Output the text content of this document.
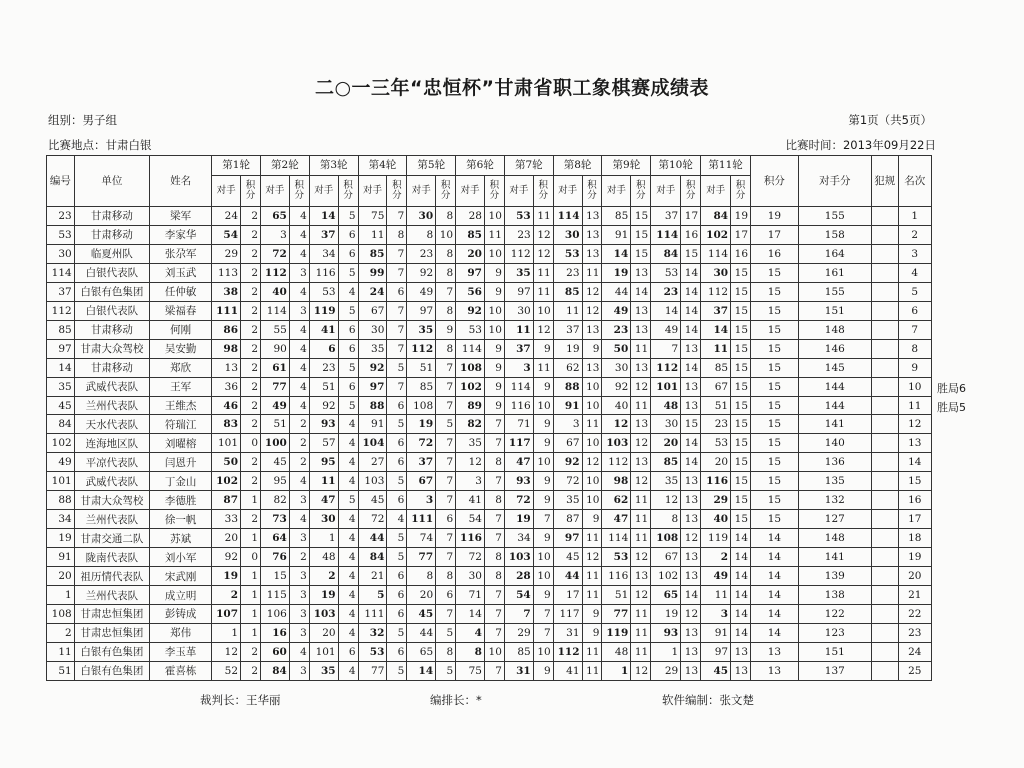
二○一三年“忠恒杯”甘肃省职工象棋赛成绩表
组别：男子组	第1页（共5页）
比赛地点：甘肃白银	比赛时间：2013年09月22日
编号	单位	姓名	第1轮		第2轮		第3轮		第4轮		第5轮		第6轮		第7轮		第8轮		第9轮		第10轮		第11轮		积分	对手分	犯规	名次
			对手	积分	对手	积分	对手	积分	对手	积分	对手	积分	对手	积分	对手	积分	对手	积分	对手	积分	对手	积分	对手	积分				
23	甘肃移动	梁军	24	2	65	4	14	5	75	7	30	8	28	10	53	11	114	13	85	15	37	17	84	19	19	155		1
53	甘肃移动	李家华	54	2	3	4	37	6	11	8	8	10	85	11	23	12	30	13	91	15	114	16	102	17	17	158		2
30	临夏州队	张尕军	29	2	72	4	34	6	85	7	23	8	20	10	112	12	53	13	14	15	84	15	114	16	16	164		3
114	白银代表队	刘玉武	113	2	112	3	116	5	99	7	92	8	97	9	35	11	23	11	19	13	53	14	30	15	15	161		4
37	白银有色集团	任仲敏	38	2	40	4	53	4	24	6	49	7	56	9	97	11	85	12	44	14	23	14	112	15	15	155		5
112	白银代表队	梁福春	111	2	114	3	119	5	67	7	97	8	92	10	30	10	11	12	49	13	14	14	37	15	15	151		6
85	甘肃移动	何刚	86	2	55	4	41	6	30	7	35	9	53	10	11	12	37	13	23	13	49	14	14	15	15	148		7
97	甘肃大众驾校	吴安勤	98	2	90	4	6	6	35	7	112	8	114	9	37	9	19	9	50	11	7	13	11	15	15	146		8
14	甘肃移动	郑欣	13	2	61	4	23	5	92	5	51	7	108	9	3	11	62	13	30	13	112	14	85	15	15	145		9
35	武威代表队	王军	36	2	77	4	51	6	97	7	85	7	102	9	114	9	88	10	92	12	101	13	67	15	15	144		10
45	兰州代表队	王维杰	46	2	49	4	92	5	88	6	108	7	89	9	116	10	91	10	40	11	48	13	51	15	15	144		11
84	天水代表队	符瑞江	83	2	51	2	93	4	91	5	19	5	82	7	71	9	3	11	12	13	30	15	23	15	15	141		12
102	连海地区队	刘曜榕	101	0	100	2	57	4	104	6	72	7	35	7	117	9	67	10	103	12	20	14	53	15	15	140		13
49	平凉代表队	闫恩升	50	2	45	2	95	4	27	6	37	7	12	8	47	10	92	12	112	13	85	14	20	15	15	136		14
101	武威代表队	丁金山	102	2	95	4	11	4	103	5	67	7	3	7	93	9	72	10	98	12	35	13	116	15	15	135		15
88	甘肃大众驾校	李德胜	87	1	82	3	47	5	45	6	3	7	41	8	72	9	35	10	62	11	12	13	29	15	15	132		16
34	兰州代表队	徐一帆	33	2	73	4	30	4	72	4	111	6	54	7	19	7	87	9	47	11	8	13	40	15	15	127		17
19	甘肃交通二队	苏斌	20	1	64	3	1	4	44	5	74	7	116	7	34	9	97	11	114	11	108	12	119	14	14	148		18
91	陇南代表队	刘小军	92	0	76	2	48	4	84	5	77	7	72	8	103	10	45	12	53	12	67	13	2	14	14	141		19
20	祖历情代表队	宋武刚	19	1	15	3	2	4	21	6	8	8	30	8	28	10	44	11	116	13	102	13	49	14	14	139		20
1	兰州代表队	成立明	2	1	115	3	19	4	5	6	20	6	71	7	54	9	17	11	51	12	65	14	11	14	14	138		21
108	甘肃忠恒集团	彭铸成	107	1	106	3	103	4	111	6	45	7	14	7	7	7	117	9	77	11	19	12	3	14	14	122		22
2	甘肃忠恒集团	郑伟	1	1	16	3	20	4	32	5	44	5	4	7	29	7	31	9	119	11	93	13	91	14	14	123		23
11	白银有色集团	李玉革	12	2	60	4	101	6	53	6	65	8	8	10	85	10	112	11	48	11	1	13	97	13	13	151		24
51	白银有色集团	霍喜栋	52	2	84	3	35	4	77	5	14	5	75	7	31	9	41	11	1	12	29	13	45	13	13	137		25
胜局6
胜局5
裁判长：王华丽	编排长：*	软件编制：张文楚
